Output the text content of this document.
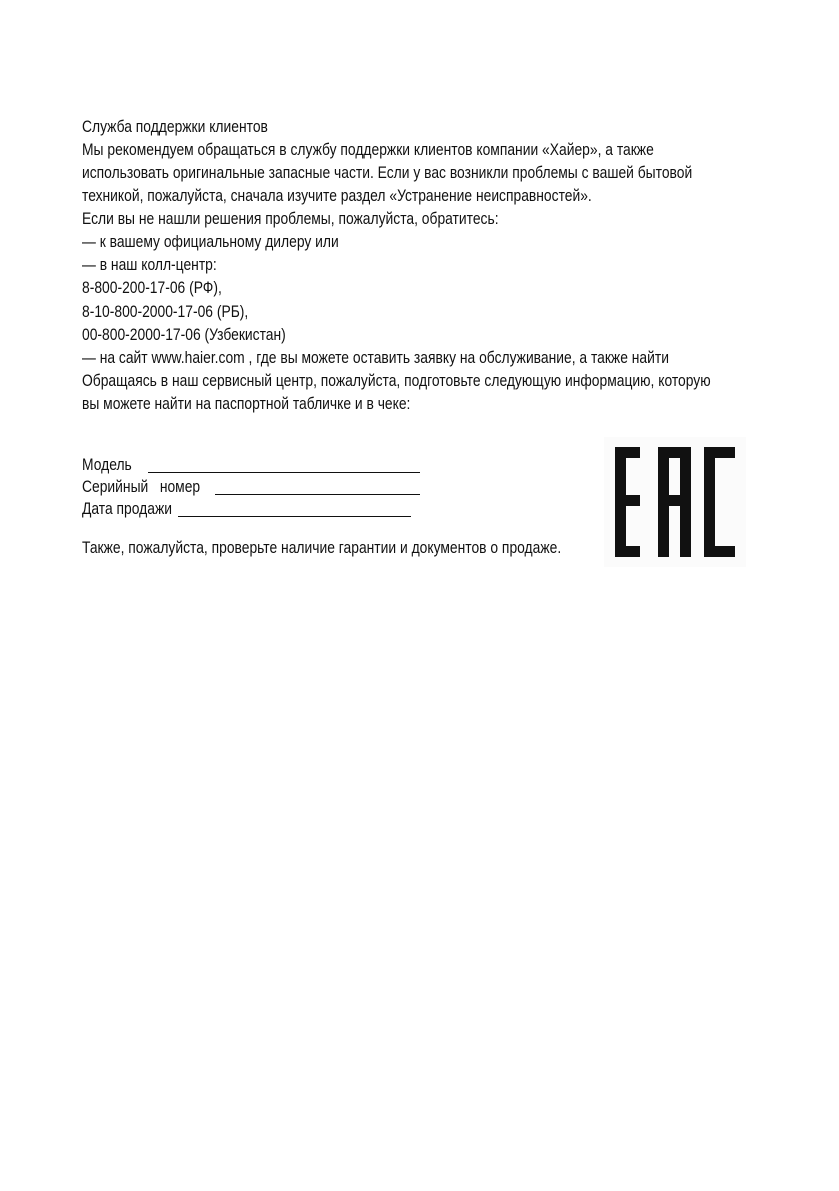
Служба поддержки клиентов
Мы рекомендуем обращаться в службу поддержки клиентов компании «Хайер», а также
использовать оригинальные запасные части. Если у вас возникли проблемы с вашей бытовой
техникой, пожалуйста, сначала изучите раздел «Устранение неисправностей».
Если вы не нашли решения проблемы, пожалуйста, обратитесь:
— к вашему официальному дилеру или
— в наш колл-центр:
8-800-200-17-06 (РФ),
8-10-800-2000-17-06 (РБ),
00-800-2000-17-06 (Узбекистан)
— на сайт www.haier.com , где вы можете оставить заявку на обслуживание, а также найти
Обращаясь в наш сервисный центр, пожалуйста, подготовьте следующую информацию, которую
вы можете найти на паспортной табличке и в чеке:
Модель
Серийный   номер
Дата продажи
Также, пожалуйста, проверьте наличие гарантии и документов о продаже.
